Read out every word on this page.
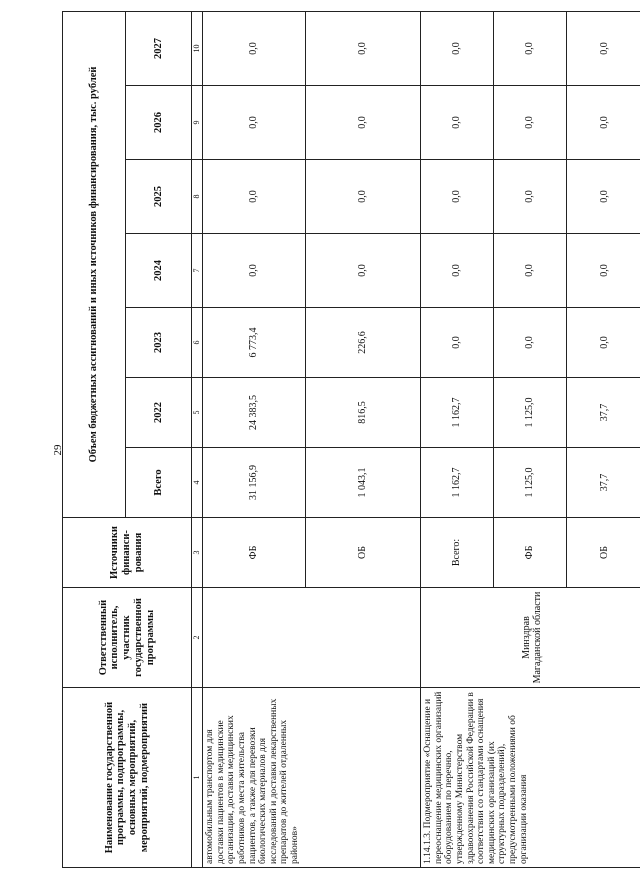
29
Наименование государственной программы, подпрограммы, основных мероприятий, мероприятий, подмероприятий	Ответственный исполнитель, участник государственной программы	Источники финанси-рования	Объем бюджетных ассигнований и иных источников финансирования, тыс. рублей						
			Всего	2022	2023	2024	2025	2026	2027
1	2	3	4	5	6	7	8	9	10
автомобильным транспортом для доставки пациентов в медицинские организации, доставки медицинских работников до места жительства пациентов, а также для перевозки биологических материалов для исследований и доставки лекарственных препаратов до жителей отдаленных районов»		ФБ	31 156,9	24 383,5	6 773,4	0,0	0,0	0,0	0,0
		ОБ	1 043,1	816,5	226,6	0,0	0,0	0,0	0,0
1.14.1.3. Подмероприятие «Оснащение и переоснащение медицинских организаций оборудованием по перечню, утвержденному Министерством здравоохранения Российской Федерации в соответствии со стандартами оснащения медицинских организаций (их структурных подразделений), предусмотренными положениями об организации оказания	Минздрав Магаданской области	Всего:	1 162,7	1 162,7	0,0	0,0	0,0	0,0	0,0
		ФБ	1 125,0	1 125,0	0,0	0,0	0,0	0,0	0,0
		ОБ	37,7	37,7	0,0	0,0	0,0	0,0	0,0
